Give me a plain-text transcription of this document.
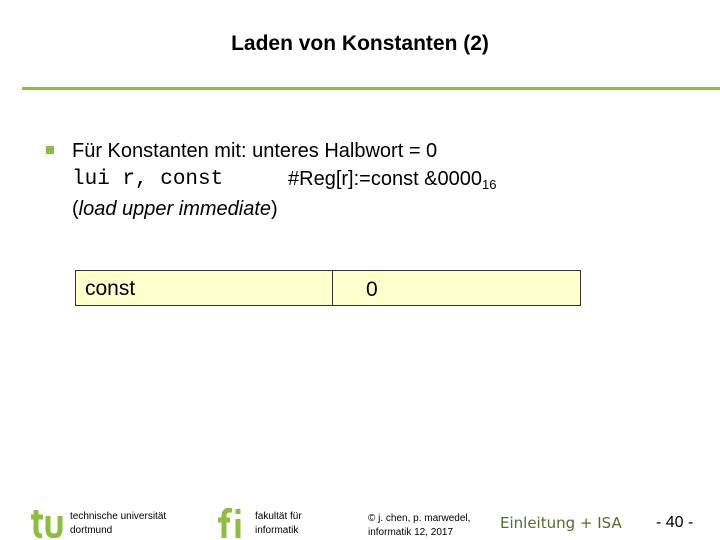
Laden von Konstanten (2)
Für Konstanten mit: unteres Halbwort = 0
lui r, const	#Reg[r]:=const $\&0000_{16}$
(load upper immediate)
const	0
technische universität
dortmund
fakultät für
informatik
© j. chen, p. marwedel,
informatik 12, 2017
Einleitung + ISA - 40 -
